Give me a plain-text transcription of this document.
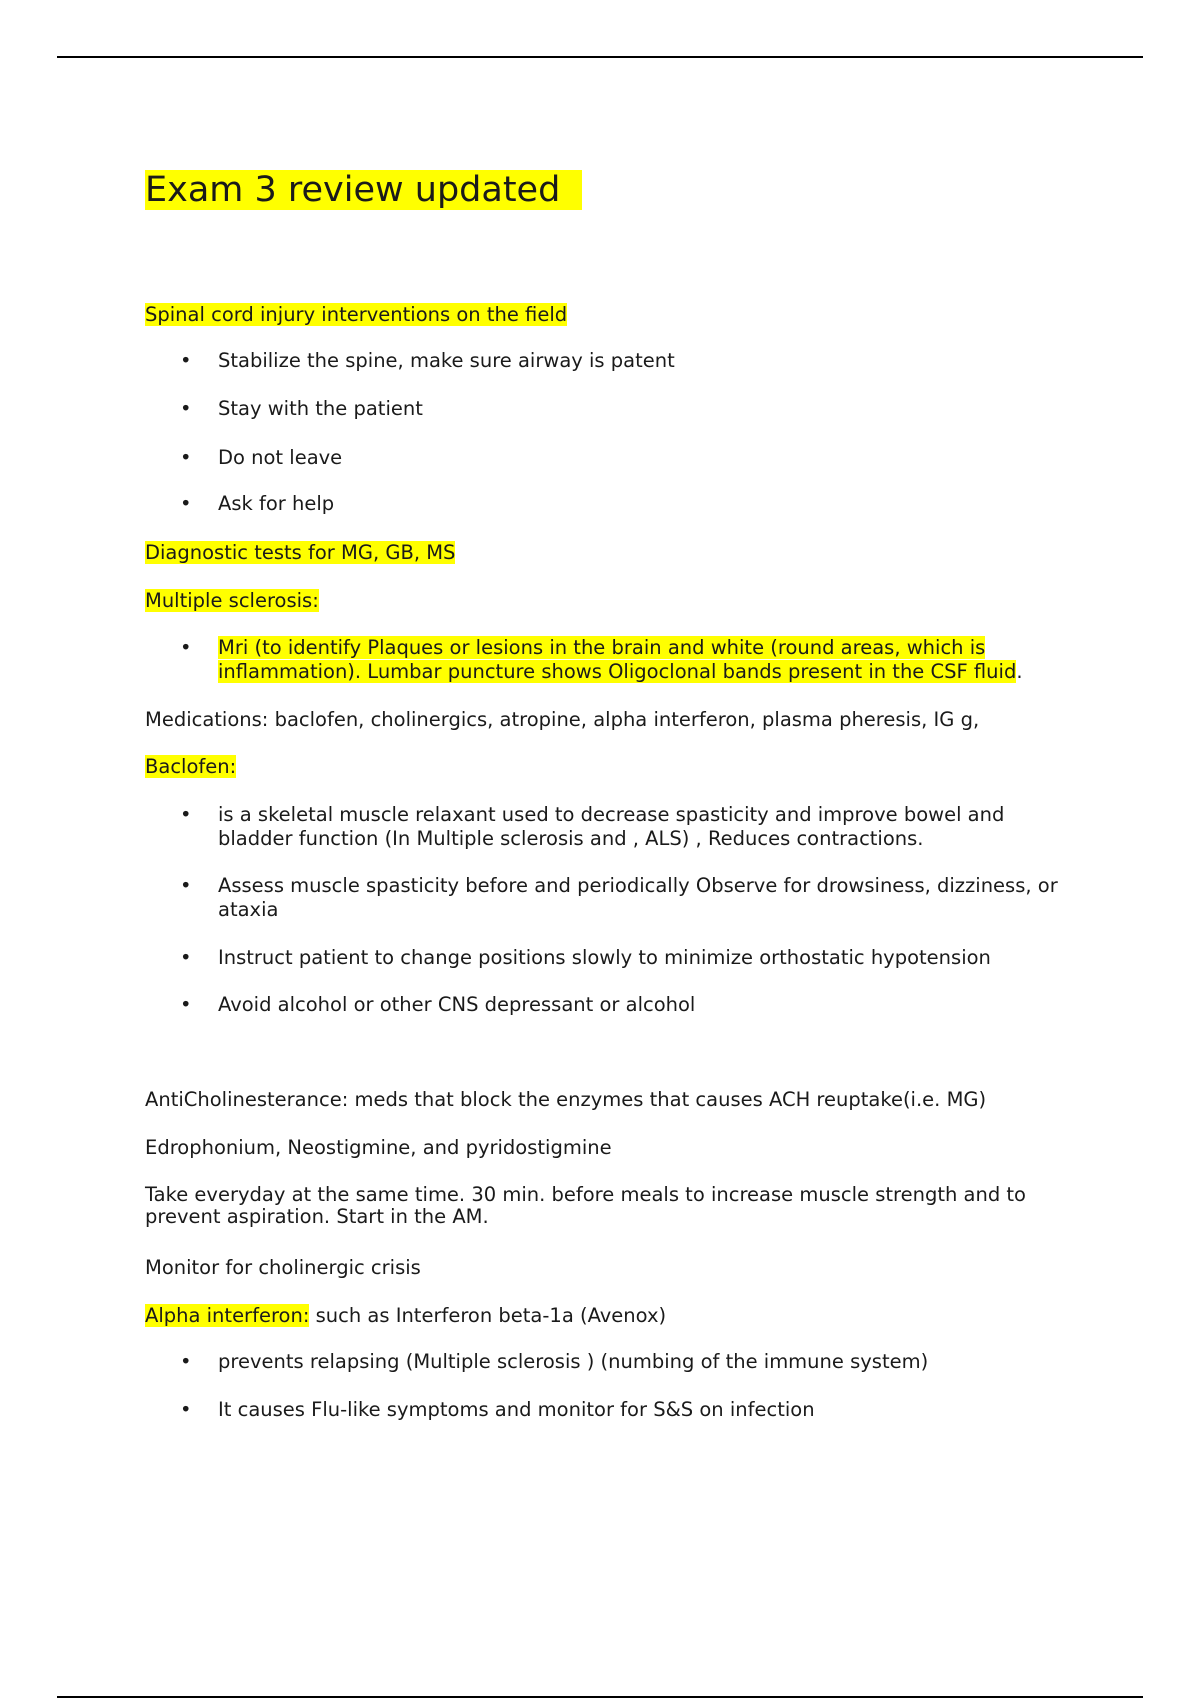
Exam 3 review updated
Spinal cord injury interventions on the field
• Stabilize the spine, make sure airway is patent
• Stay with the patient
• Do not leave
• Ask for help
Diagnostic tests for MG, GB, MS
Multiple sclerosis:
• Mri (to identify Plaques or lesions in the brain and white (round areas, which is inflammation). Lumbar puncture shows Oligoclonal bands present in the CSF fluid.
Medications: baclofen, cholinergics, atropine, alpha interferon, plasma pheresis, IG g,
Baclofen:
• is a skeletal muscle relaxant used to decrease spasticity and improve bowel and bladder function (In Multiple sclerosis and , ALS) , Reduces contractions.
• Assess muscle spasticity before and periodically Observe for drowsiness, dizziness, or ataxia
• Instruct patient to change positions slowly to minimize orthostatic hypotension
• Avoid alcohol or other CNS depressant or alcohol
AntiCholinesterance: meds that block the enzymes that causes ACH reuptake(i.e. MG)
Edrophonium, Neostigmine, and pyridostigmine
Take everyday at the same time. 30 min. before meals to increase muscle strength and to prevent aspiration. Start in the AM.
Monitor for cholinergic crisis
Alpha interferon: such as Interferon beta-1a (Avenox)
• prevents relapsing (Multiple sclerosis ) (numbing of the immune system)
• It causes Flu-like symptoms and monitor for S&S on infection
